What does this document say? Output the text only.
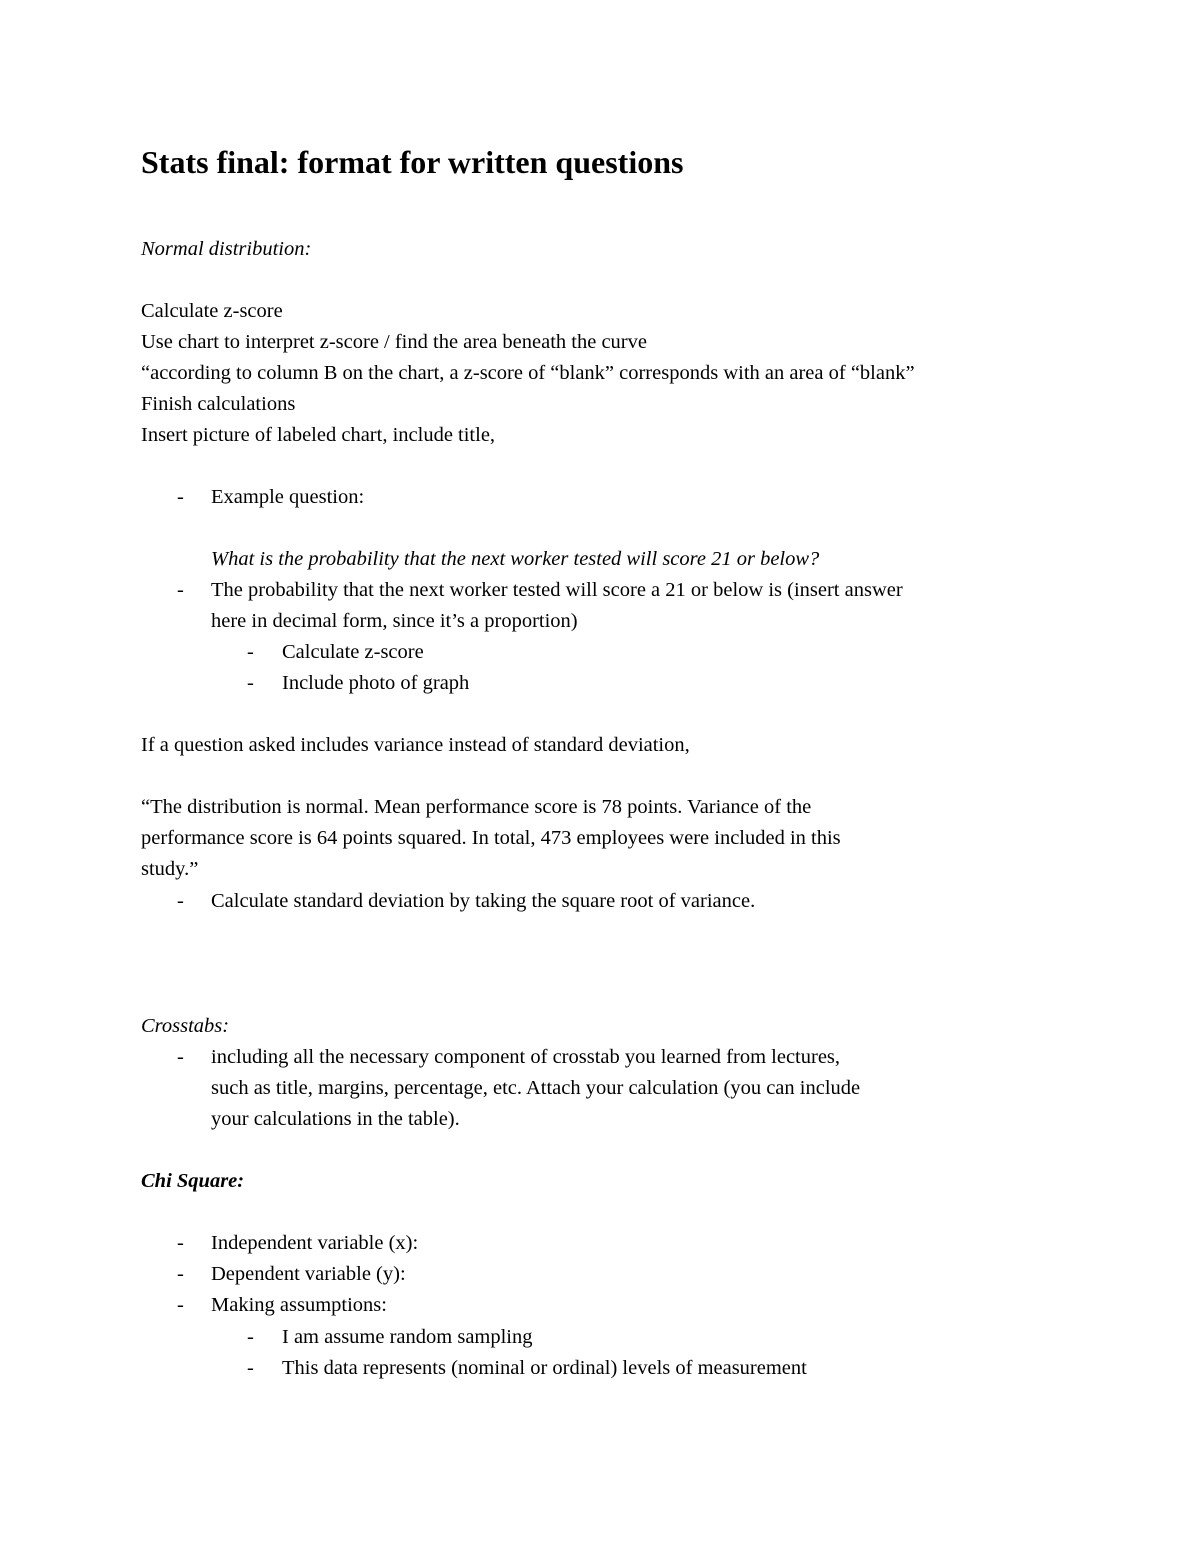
Stats final: format for written questions
Normal distribution:
Calculate z-score
Use chart to interpret z-score / find the area beneath the curve
“according to column B on the chart, a z-score of “blank” corresponds with an area of “blank”
Finish calculations
Insert picture of labeled chart, include title,
- Example question:
What is the probability that the next worker tested will score 21 or below?
- The probability that the next worker tested will score a 21 or below is (insert answer
here in decimal form, since it’s a proportion)
- Calculate z-score
- Include photo of graph
If a question asked includes variance instead of standard deviation,
“The distribution is normal. Mean performance score is 78 points. Variance of the
performance score is 64 points squared. In total, 473 employees were included in this
study.”
- Calculate standard deviation by taking the square root of variance.
Crosstabs:
- including all the necessary component of crosstab you learned from lectures,
such as title, margins, percentage, etc. Attach your calculation (you can include
your calculations in the table).
Chi Square:
- Independent variable (x):
- Dependent variable (y):
- Making assumptions:
- I am assume random sampling
- This data represents (nominal or ordinal) levels of measurement
